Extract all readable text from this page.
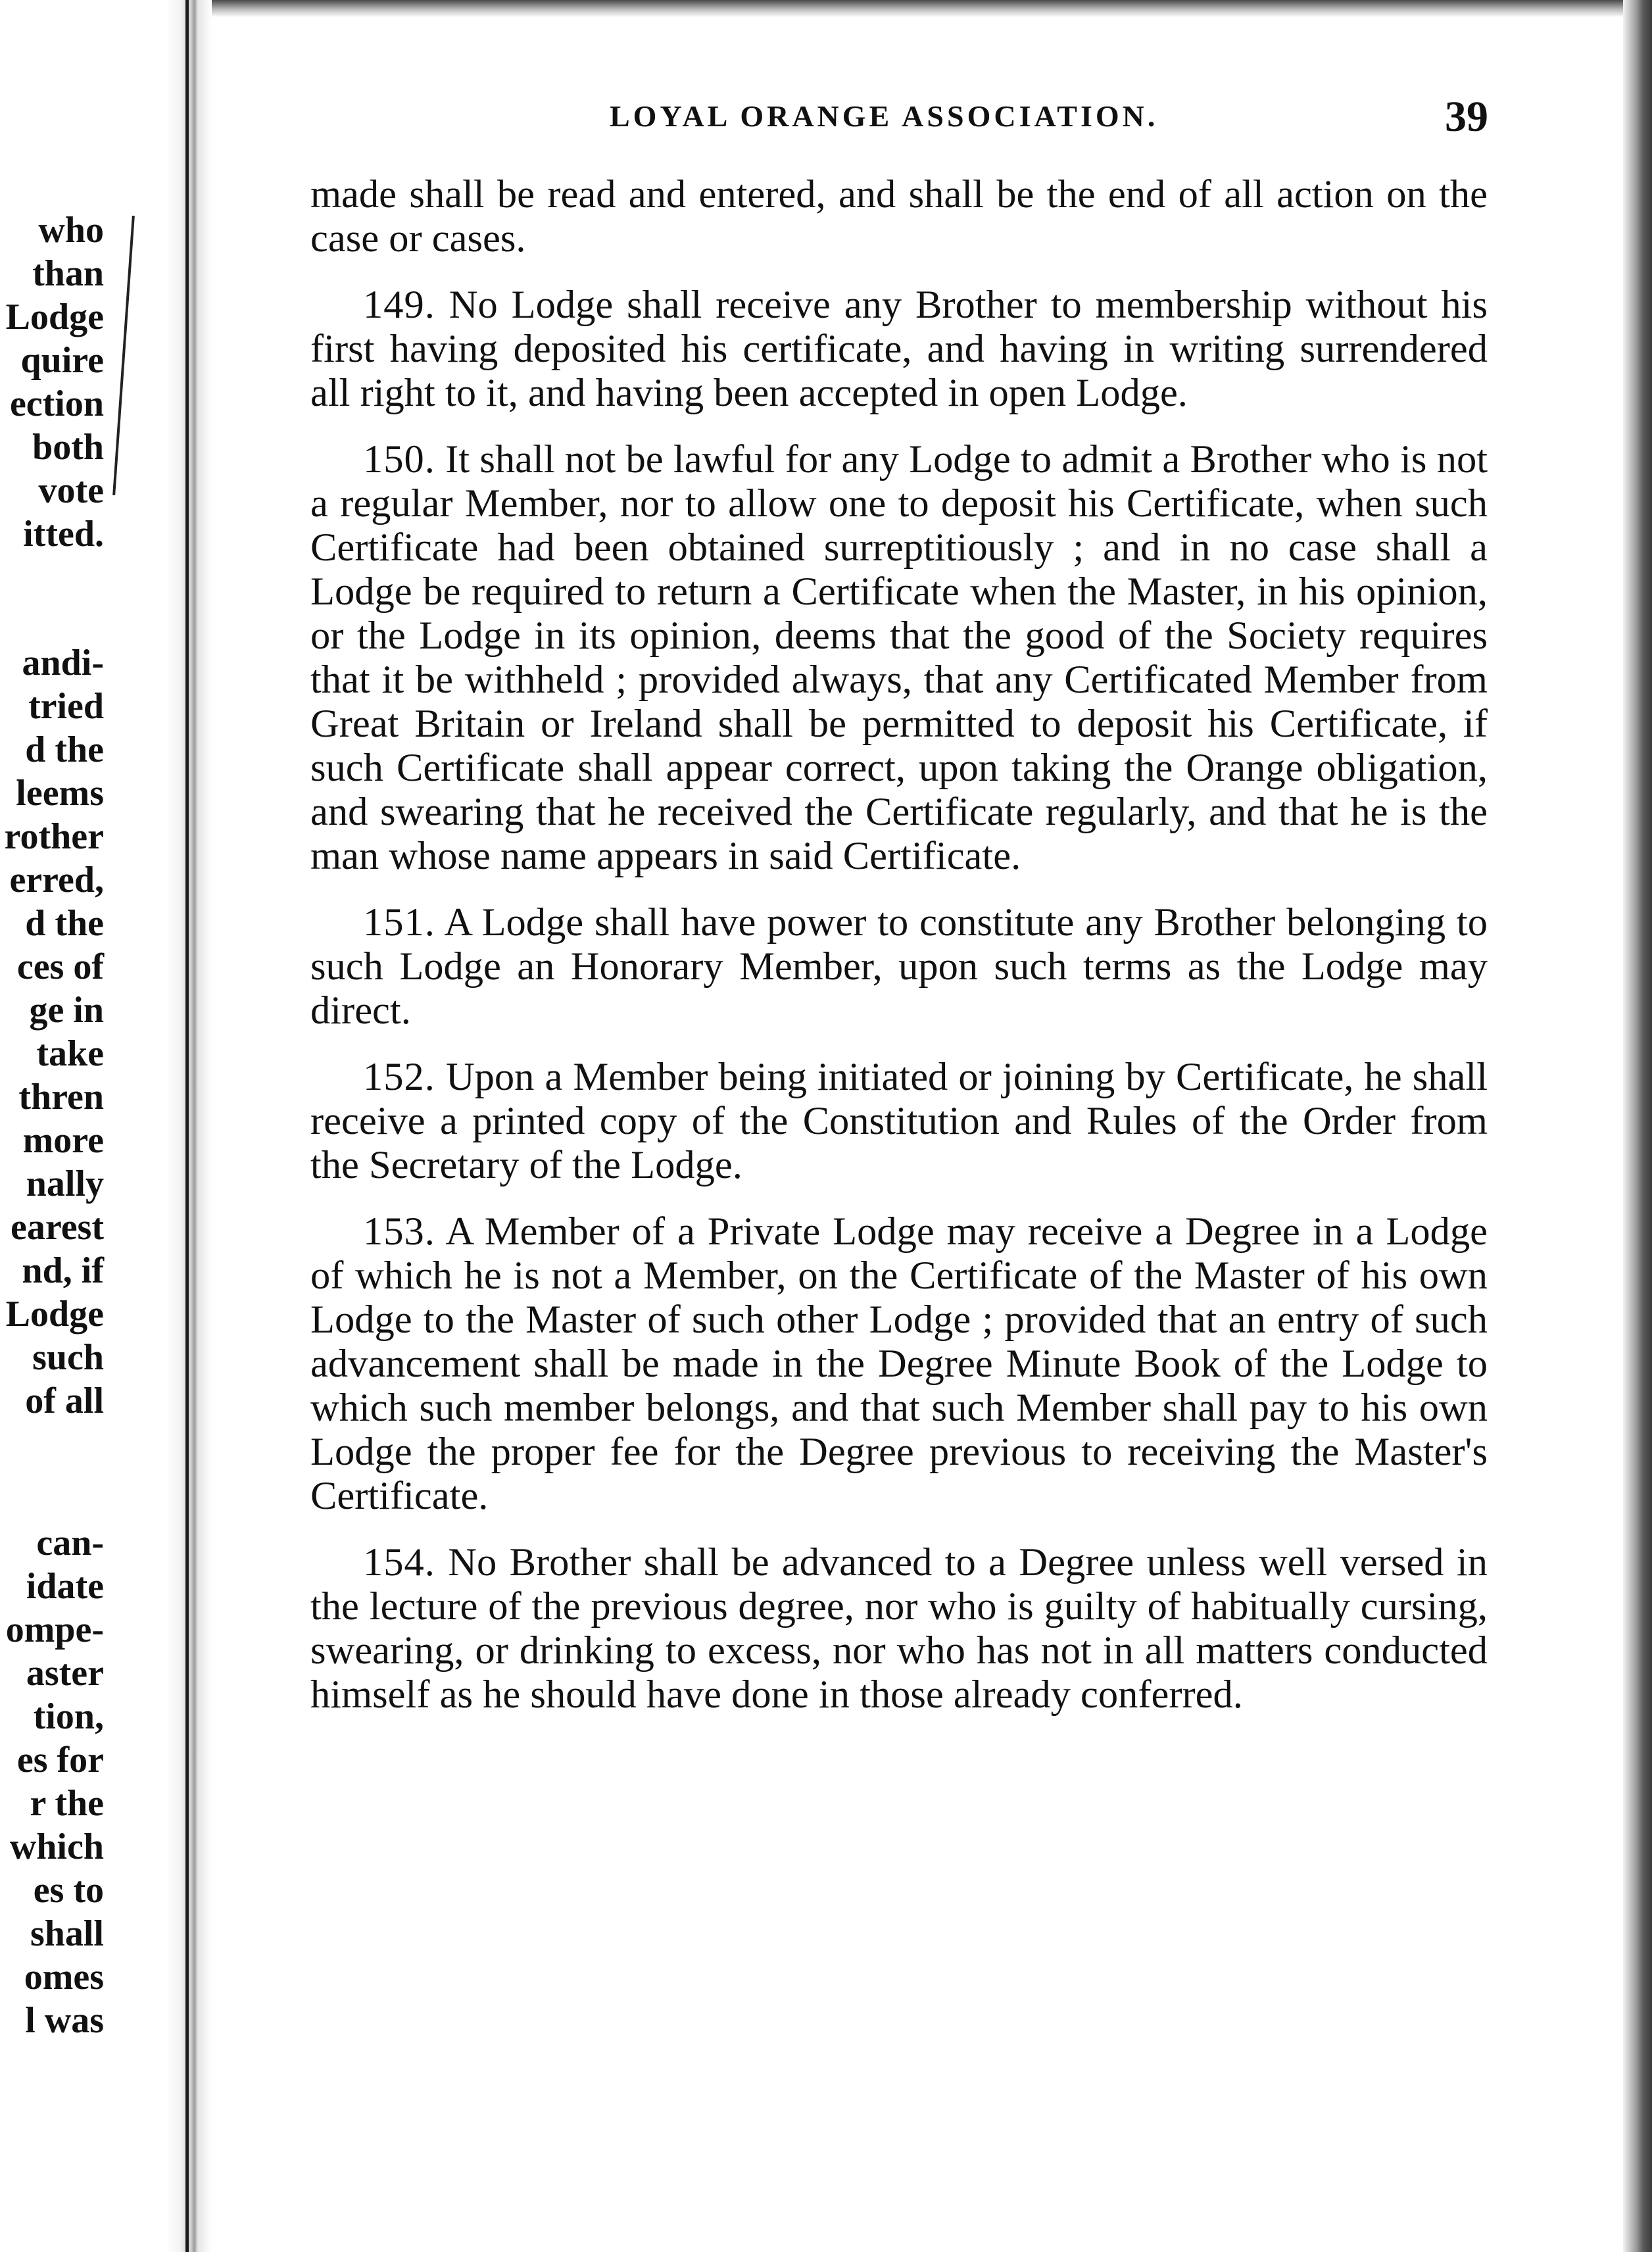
who
than
Lodge
quire
ection
both
vote
itted.
andi-
tried
d the
leems
rother
erred,
d the
ces of
ge in
take
thren
more
nally
earest
nd, if
Lodge
such
of all
can-
idate
ompe-
aster
tion,
es for
r the
which
es to
shall
omes
l was
LOYAL ORANGE ASSOCIATION.	39

made shall be read and entered, and shall be the end of all action on the case or cases.

149. No Lodge shall receive any Brother to membership without his first having deposited his certificate, and having in writing surrendered all right to it, and having been accepted in open Lodge.

150. It shall not be lawful for any Lodge to admit a Brother who is not a regular Member, nor to allow one to deposit his Certificate, when such Certificate had been obtained surreptitiously ; and in no case shall a Lodge be required to return a Certificate when the Master, in his opinion, or the Lodge in its opinion, deems that the good of the Society requires that it be withheld ; provided always, that any Certificated Member from Great Britain or Ireland shall be permitted to deposit his Certificate, if such Certificate shall appear correct, upon taking the Orange obligation, and swearing that he received the Certificate regularly, and that he is the man whose name appears in said Certificate.

151. A Lodge shall have power to constitute any Brother belonging to such Lodge an Honorary Member, upon such terms as the Lodge may direct.

152. Upon a Member being initiated or joining by Certificate, he shall receive a printed copy of the Constitution and Rules of the Order from the Secretary of the Lodge.

153. A Member of a Private Lodge may receive a Degree in a Lodge of which he is not a Member, on the Certificate of the Master of his own Lodge to the Master of such other Lodge ; provided that an entry of such advancement shall be made in the Degree Minute Book of the Lodge to which such member belongs, and that such Member shall pay to his own Lodge the proper fee for the Degree previous to receiving the Master's Certificate.

154. No Brother shall be advanced to a Degree unless well versed in the lecture of the previous degree, nor who is guilty of habitually cursing, swearing, or drinking to excess, nor who has not in all matters conducted himself as he should have done in those already conferred.
